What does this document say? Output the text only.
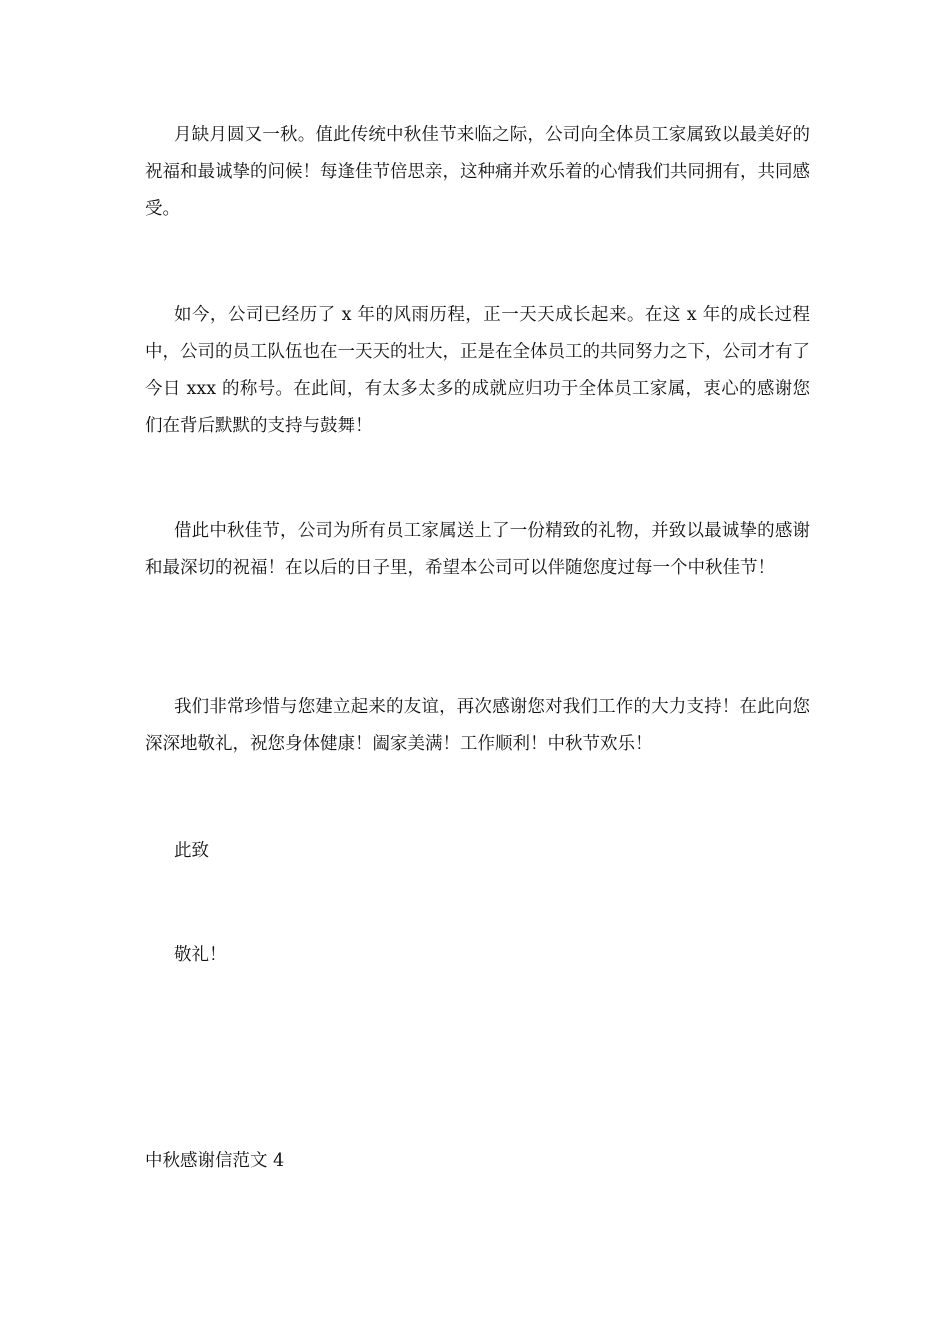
月缺月圆又一秋。值此传统中秋佳节来临之际，公司向全体员工家属致以最美好的祝福和最诚挚的问候！每逢佳节倍思亲，这种痛并欢乐着的心情我们共同拥有，共同感受。

如今，公司已经历了 x 年的风雨历程，正一天天成长起来。在这 x 年的成长过程中，公司的员工队伍也在一天天的壮大，正是在全体员工的共同努力之下，公司才有了今日 xxx 的称号。在此间，有太多太多的成就应归功于全体员工家属，衷心的感谢您们在背后默默的支持与鼓舞！

借此中秋佳节，公司为所有员工家属送上了一份精致的礼物，并致以最诚挚的感谢和最深切的祝福！在以后的日子里，希望本公司可以伴随您度过每一个中秋佳节！

我们非常珍惜与您建立起来的友谊，再次感谢您对我们工作的大力支持！在此向您深深地敬礼，祝您身体健康！阖家美满！工作顺利！中秋节欢乐！

此致

敬礼！

中秋感谢信范文 4
